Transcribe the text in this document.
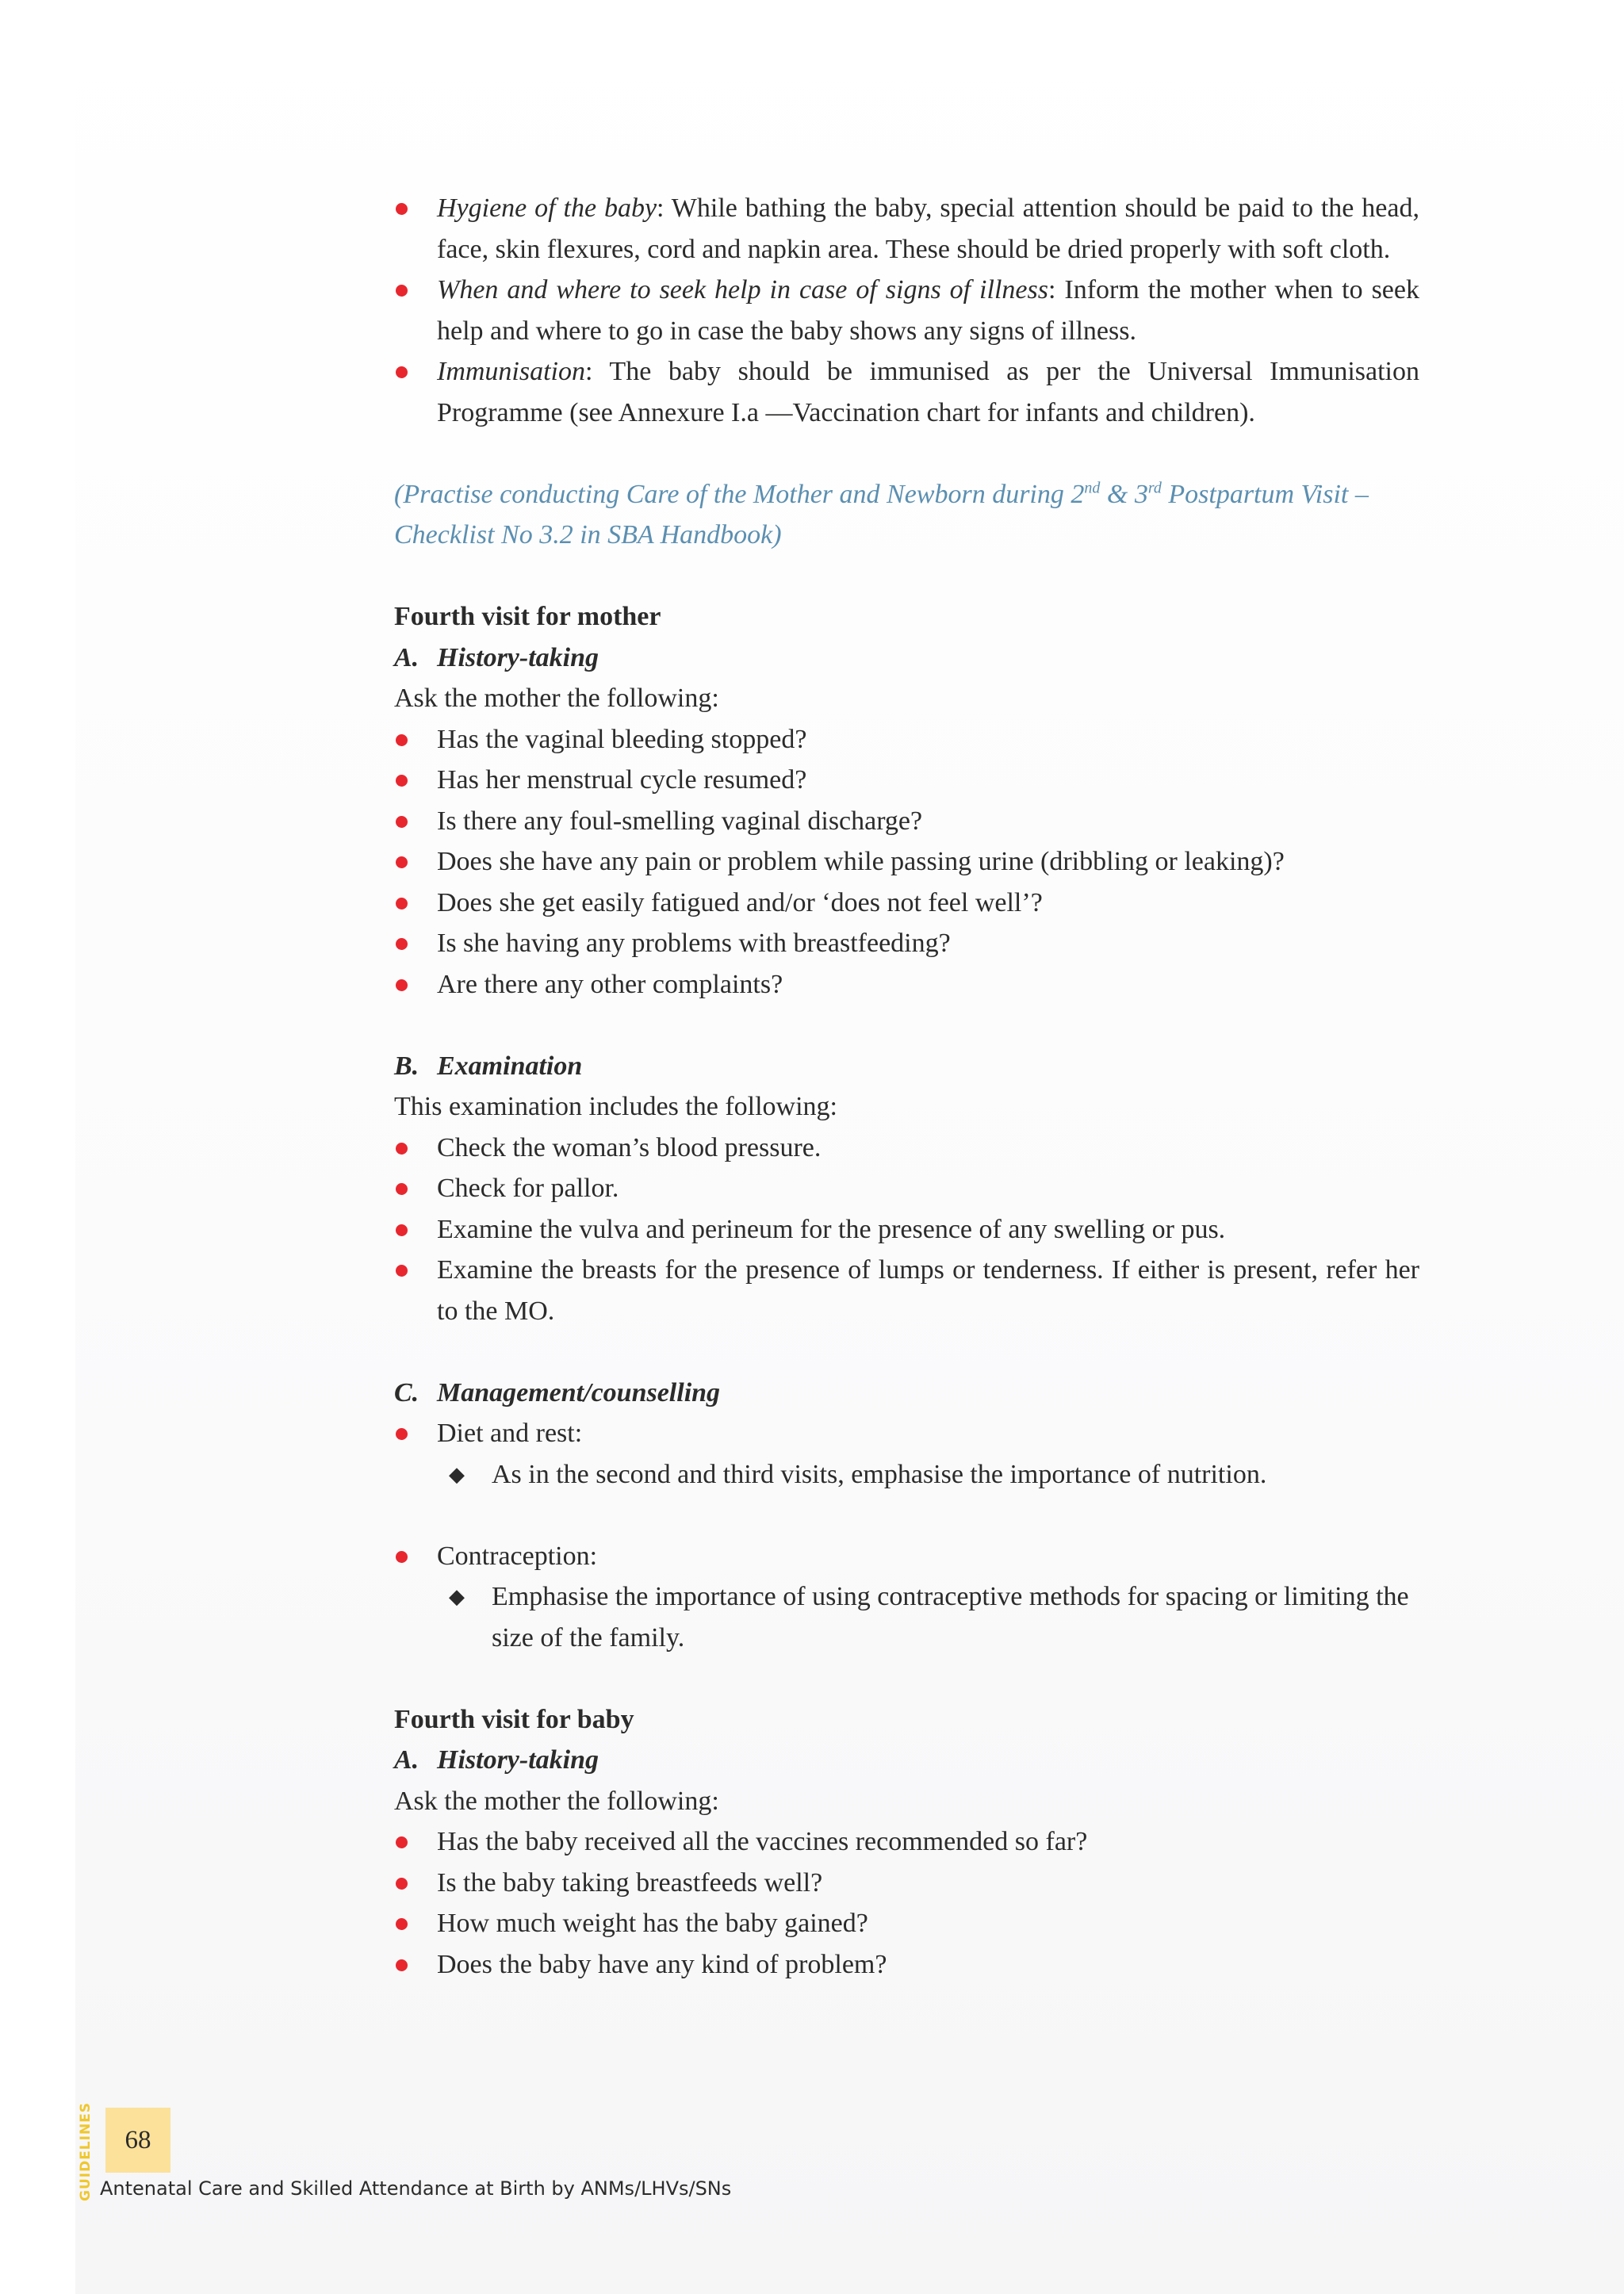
Hygiene of the baby: While bathing the baby, special attention should be paid to the head, face, skin flexures, cord and napkin area. These should be dried properly with soft cloth.
When and where to seek help in case of signs of illness: Inform the mother when to seek help and where to go in case the baby shows any signs of illness.
Immunisation: The baby should be immunised as per the Universal Immunisation Programme (see Annexure I.a —Vaccination chart for infants and children).
(Practise conducting Care of the Mother and Newborn during 2nd & 3rd Postpartum Visit – Checklist No 3.2 in SBA Handbook)
Fourth visit for mother
A. History-taking
Ask the mother the following:
Has the vaginal bleeding stopped?
Has her menstrual cycle resumed?
Is there any foul-smelling vaginal discharge?
Does she have any pain or problem while passing urine (dribbling or leaking)?
Does she get easily fatigued and/or ‘does not feel well’?
Is she having any problems with breastfeeding?
Are there any other complaints?
B. Examination
This examination includes the following:
Check the woman’s blood pressure.
Check for pallor.
Examine the vulva and perineum for the presence of any swelling or pus.
Examine the breasts for the presence of lumps or tenderness. If either is present, refer her to the MO.
C. Management/counselling
Diet and rest:
◆ As in the second and third visits, emphasise the importance of nutrition.
Contraception:
◆ Emphasise the importance of using contraceptive methods for spacing or limiting the size of the family.
Fourth visit for baby
A. History-taking
Ask the mother the following:
Has the baby received all the vaccines recommended so far?
Is the baby taking breastfeeds well?
How much weight has the baby gained?
Does the baby have any kind of problem?
GUIDELINES	68
Antenatal Care and Skilled Attendance at Birth by ANMs/LHVs/SNs
